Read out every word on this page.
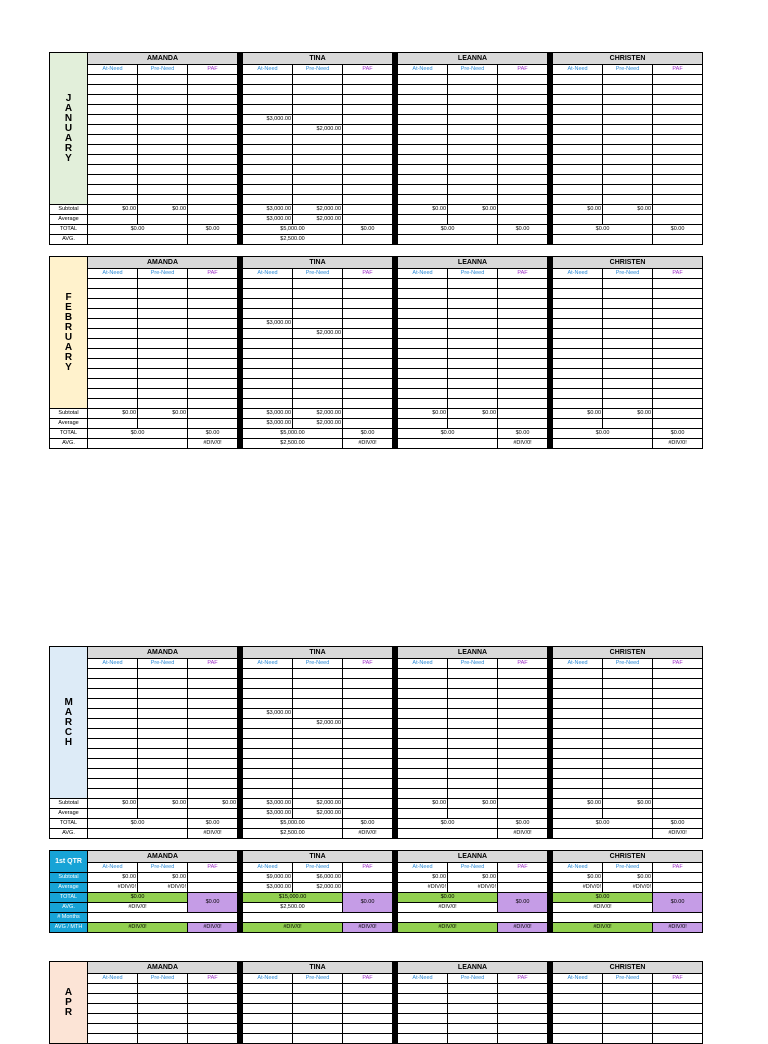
JANUARY	AMANDA				TINA				LEANNA				CHRISTEN		
	At-Need	Pre-Need	PAF		At-Need	Pre-Need	PAF		At-Need	Pre-Need	PAF		At-Need	Pre-Need	PAF

					$3,000.00										
						$2,000.00									

Subtotal	$0.00	$0.00			$3,000.00	$2,000.00			$0.00	$0.00			$0.00	$0.00	
Average					$3,000.00	$2,000.00									
TOTAL	$0.00		$0.00		$5,000.00		$0.00		$0.00		$0.00		$0.00		$0.00
AVG.					$2,500.00										
FEBRUARY	AMANDA				TINA				LEANNA				CHRISTEN		
	At-Need	Pre-Need	PAF		At-Need	Pre-Need	PAF		At-Need	Pre-Need	PAF		At-Need	Pre-Need	PAF

					$3,000.00										
						$2,000.00									

Subtotal	$0.00	$0.00			$3,000.00	$2,000.00			$0.00	$0.00			$0.00	$0.00	
Average					$3,000.00	$2,000.00									
TOTAL	$0.00		$0.00		$5,000.00		$0.00		$0.00		$0.00		$0.00		$0.00
AVG.			#DIV/0!		$2,500.00		#DIV/0!				#DIV/0!				#DIV/0!
MARCH	AMANDA				TINA				LEANNA				CHRISTEN		
	At-Need	Pre-Need	PAF		At-Need	Pre-Need	PAF		At-Need	Pre-Need	PAF		At-Need	Pre-Need	PAF

					$3,000.00										
						$2,000.00									

Subtotal	$0.00	$0.00	$0.00		$3,000.00	$2,000.00			$0.00	$0.00			$0.00	$0.00	
Average					$3,000.00	$2,000.00									
TOTAL	$0.00		$0.00		$5,000.00		$0.00		$0.00		$0.00		$0.00		$0.00
AVG.			#DIV/0!		$2,500.00		#DIV/0!				#DIV/0!				#DIV/0!
1st QTR	AMANDA				TINA				LEANNA				CHRISTEN		
	At-Need	Pre-Need	PAF		At-Need	Pre-Need	PAF		At-Need	Pre-Need	PAF		At-Need	Pre-Need	PAF
Subtotal	$0.00	$0.00			$9,000.00	$6,000.00			$0.00	$0.00			$0.00	$0.00	
Average	#DIV/0!	#DIV/0!			$3,000.00	$2,000.00			#DIV/0!	#DIV/0!			#DIV/0!	#DIV/0!	
TOTAL	$0.00		$0.00		$15,000.00		$0.00		$0.00		$0.00		$0.00		$0.00
AVG.	#DIV/0!				$2,500.00				#DIV/0!				#DIV/0!		
# Months															
AVG / MTH	#DIV/0!		#DIV/0!		#DIV/0!		#DIV/0!		#DIV/0!		#DIV/0!		#DIV/0!		#DIV/0!
APR	AMANDA				TINA				LEANNA				CHRISTEN		
	At-Need	Pre-Need	PAF		At-Need	Pre-Need	PAF		At-Need	Pre-Need	PAF		At-Need	Pre-Need	PAF
